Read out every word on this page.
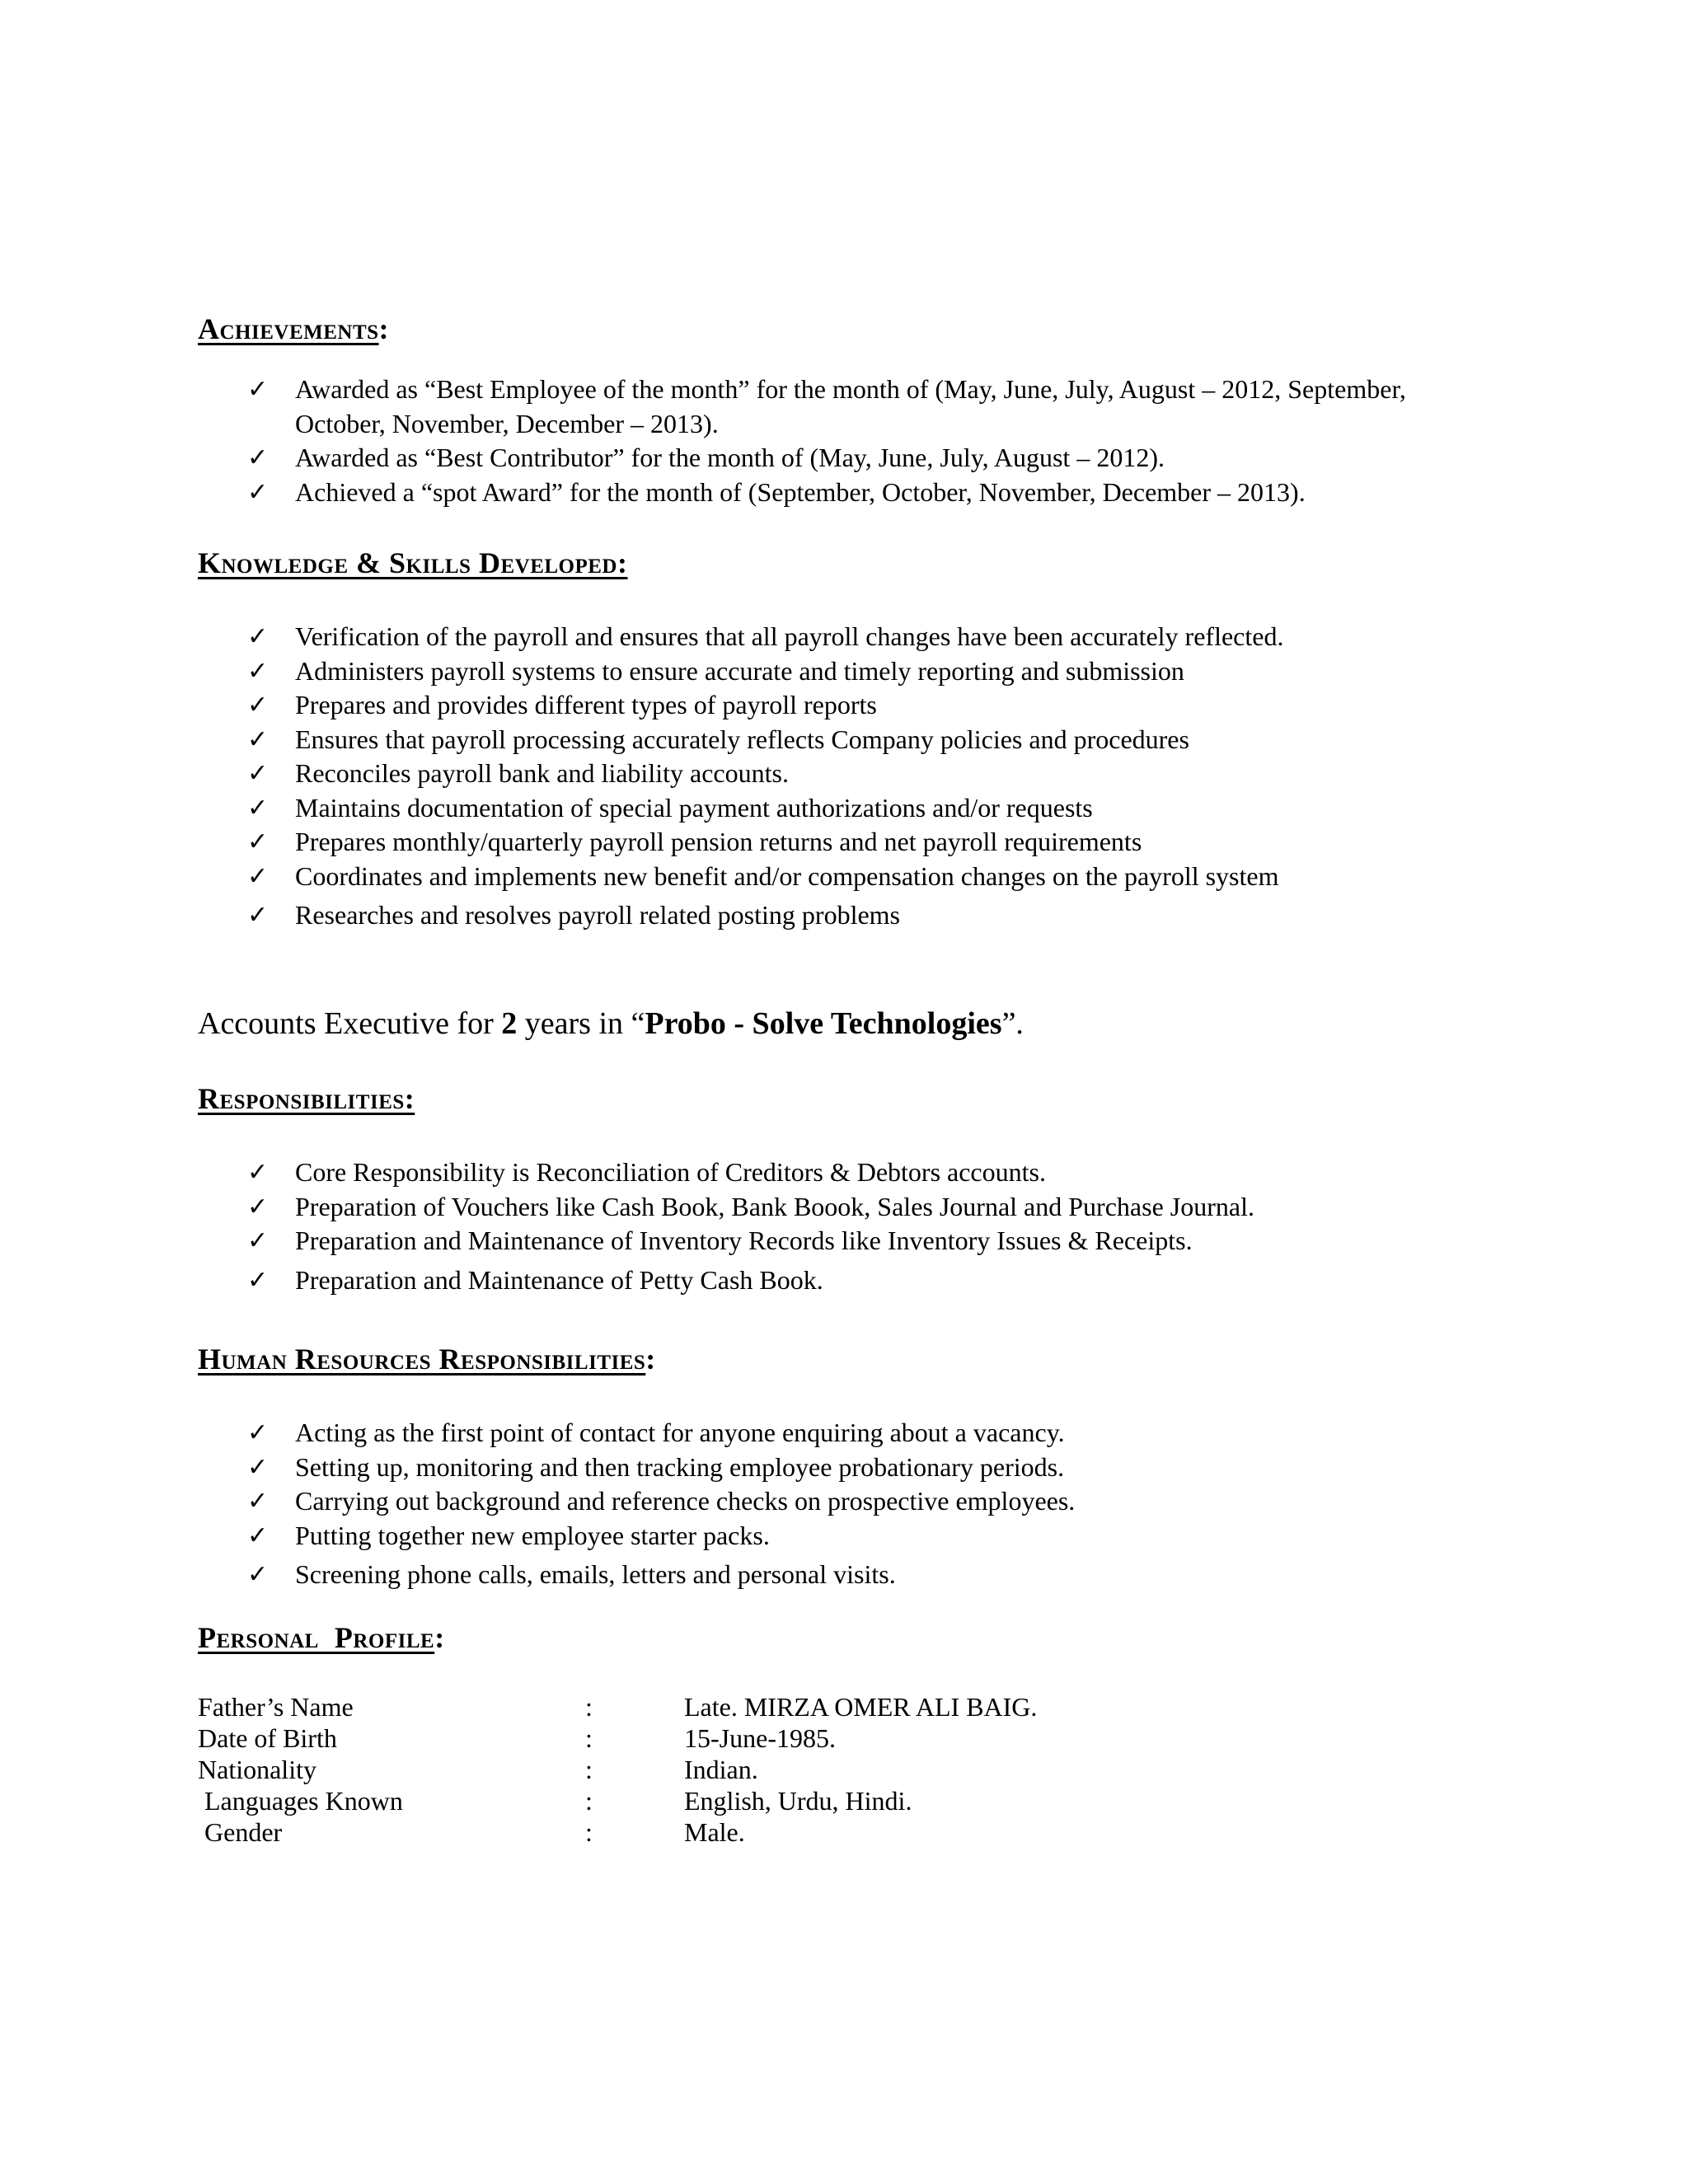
Achievements:
✓ Awarded as “Best Employee of the month” for the month of (May, June, July, August – 2012, September, October, November, December – 2013).
✓ Awarded as “Best Contributor” for the month of (May, June, July, August – 2012).
✓ Achieved a “spot Award” for the month of (September, October, November, December – 2013).
Knowledge & Skills Developed:
✓ Verification of the payroll and ensures that all payroll changes have been accurately reflected.
✓ Administers payroll systems to ensure accurate and timely reporting and submission
✓ Prepares and provides different types of payroll reports
✓ Ensures that payroll processing accurately reflects Company policies and procedures
✓ Reconciles payroll bank and liability accounts.
✓ Maintains documentation of special payment authorizations and/or requests
✓ Prepares monthly/quarterly payroll pension returns and net payroll requirements
✓ Coordinates and implements new benefit and/or compensation changes on the payroll system
✓ Researches and resolves payroll related posting problems

Accounts Executive for 2 years in “Probo - Solve Technologies”.

Responsibilities:
✓ Core Responsibility is Reconciliation of Creditors & Debtors accounts.
✓ Preparation of Vouchers like Cash Book, Bank Boook, Sales Journal and Purchase Journal.
✓ Preparation and Maintenance of Inventory Records like Inventory Issues & Receipts.
✓ Preparation and Maintenance of Petty Cash Book.
Human Resources Responsibilities:
✓ Acting as the first point of contact for anyone enquiring about a vacancy.
✓ Setting up, monitoring and then tracking employee probationary periods.
✓ Carrying out background and reference checks on prospective employees.
✓ Putting together new employee starter packs.
✓ Screening phone calls, emails, letters and personal visits.
Personal  Profile:
Father’s Name	:	Late. MIRZA OMER ALI BAIG.
Date of Birth	:	15-June-1985.
Nationality	:	Indian.
Languages Known	:	English, Urdu, Hindi.
Gender	:	Male.
